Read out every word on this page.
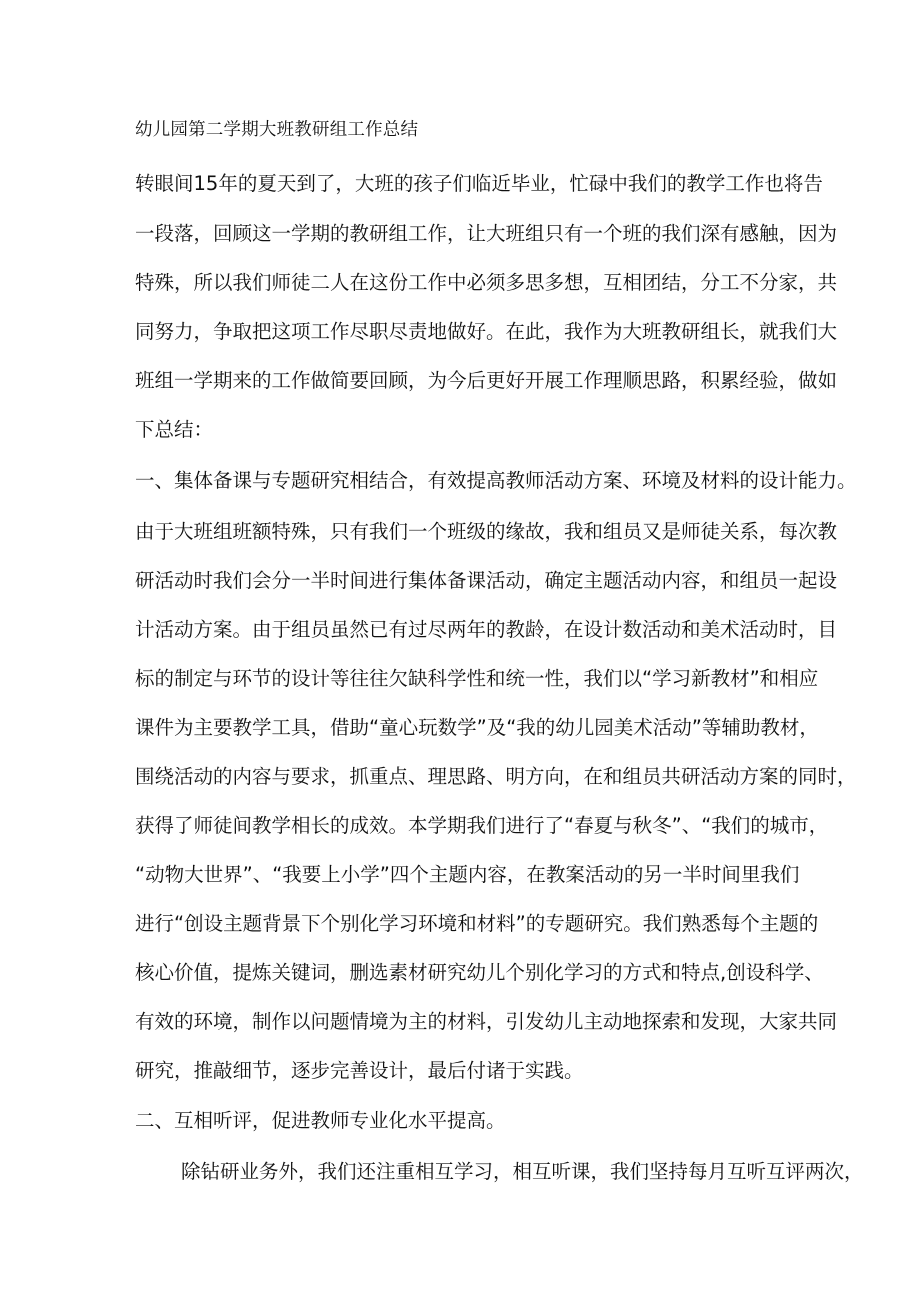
幼儿园第二学期大班教研组工作总结
转眼间15年的夏天到了，大班的孩子们临近毕业，忙碌中我们的教学工作也将告
一段落，回顾这一学期的教研组工作，让大班组只有一个班的我们深有感触，因为
特殊，所以我们师徒二人在这份工作中必须多思多想，互相团结，分工不分家，共
同努力，争取把这项工作尽职尽责地做好。在此，我作为大班教研组长，就我们大
班组一学期来的工作做简要回顾，为今后更好开展工作理顺思路，积累经验，做如
下总结：
一、集体备课与专题研究相结合，有效提高教师活动方案、环境及材料的设计能力。
由于大班组班额特殊，只有我们一个班级的缘故，我和组员又是师徒关系，每次教
研活动时我们会分一半时间进行集体备课活动，确定主题活动内容，和组员一起设
计活动方案。由于组员虽然已有过尽两年的教龄，在设计数活动和美术活动时，目
标的制定与环节的设计等往往欠缺科学性和统一性，我们以“学习新教材”和相应
课件为主要教学工具，借助“童心玩数学”及“我的幼儿园美术活动”等辅助教材，
围绕活动的内容与要求，抓重点、理思路、明方向，在和组员共研活动方案的同时，
获得了师徒间教学相长的成效。本学期我们进行了“春夏与秋冬”、“我们的城市，
“动物大世界”、“我要上小学”四个主题内容，在教案活动的另一半时间里我们
进行“创设主题背景下个别化学习环境和材料”的专题研究。我们熟悉每个主题的
核心价值，提炼关键词，删选素材研究幼儿个别化学习的方式和特点,创设科学、
有效的环境，制作以问题情境为主的材料，引发幼儿主动地探索和发现，大家共同
研究，推敲细节，逐步完善设计，最后付诸于实践。
二、互相听评，促进教师专业化水平提高。
除钻研业务外，我们还注重相互学习，相互听课，我们坚持每月互听互评两次，
